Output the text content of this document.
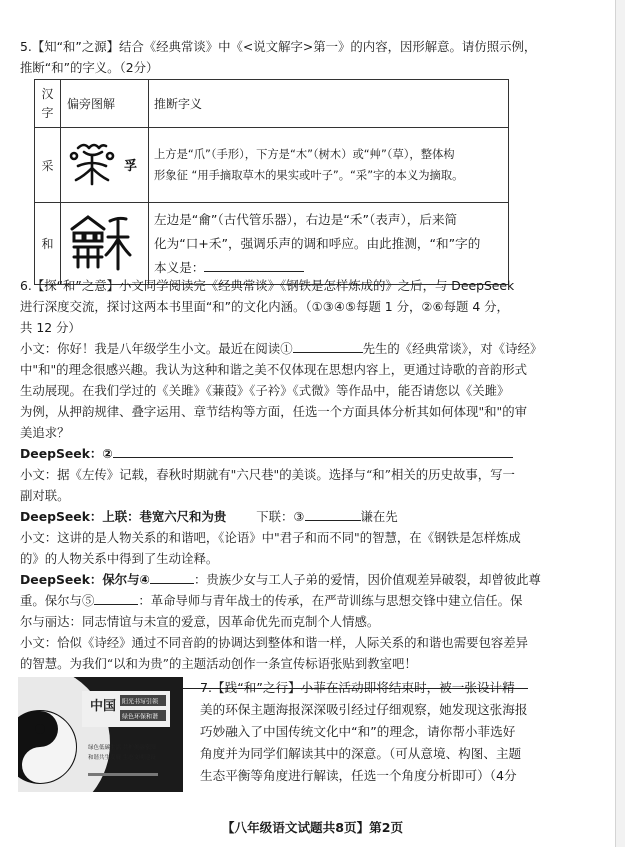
5.【知“和”之源】结合《经典常谈》中《<说文解字>第一》的内容，因形解意。请仿照示例，
推断“和”的字义。（2分）
汉字	偏旁图解	推断字义
采	孚	上方是“爪”（手形），下方是“木”（树木）或“艸”（草），整体构
形象征 “用手摘取草木的果实或叶子”。“采”字的本义为摘取。

和		左边是“龠”（古代管乐器），右边是“禾”（表声），后来简
化为“口+禾”，强调乐声的调和呼应。由此推测，“和”字的
本义是：
6.【探“和”之意】小文同学阅读完《经典常谈》《钢铁是怎样炼成的》之后，与 DeepSeek
进行深度交流，探讨这两本书里面“和”的文化内涵。（①③④⑤每题 1 分，②⑥每题 4 分，
共 12 分）
小文：你好！我是八年级学生小文。最近在阅读①	先生的《经典常谈》，对《诗经》
中"和"的理念很感兴趣。我认为这种和谐之美不仅体现在思想内容上，更通过诗歌的音韵形式
生动展现。在我们学过的《关雎》《蒹葭》《子衿》《式微》等作品中，能否请您以《关雎》
为例，从押韵规律、叠字运用、章节结构等方面，任选一个方面具体分析其如何体现"和"的审
美追求？
DeepSeek：②
小文：据《左传》记载，春秋时期就有"六尺巷"的美谈。选择与“和”相关的历史故事，写一
副对联。
DeepSeek：上联：巷宽六尺和为贵 下联：③	谦在先
小文：这讲的是人物关系的和谐吧，《论语》中"君子和而不同"的智慧，在《钢铁是怎样炼成
的》的人物关系中得到了生动诠释。
DeepSeek：保尔与④	：贵族少女与工人子弟的爱情，因价值观差异破裂，却曾彼此尊
重。保尔与⑤	：革命导师与青年战士的传承，在严苛训练与思想交锋中建立信任。保
尔与丽达：同志情谊与未宣的爱意，因革命优先而克制个人情感。
小文：恰似《诗经》通过不同音韵的协调达到整体和谐一样，人际关系的和谐也需要包容差异
的智慧。为我们“以和为贵”的主题活动创作一条宣传标语张贴到教室吧！
中国 阳光书写引领
绿色环保和谐
绿色低碳生活 共护美丽家园
和谐共生发展 生态文明建设
7.【践“和”之行】小菲在活动即将结束时，被一张设计精
美的环保主题海报深深吸引经过仔细观察，她发现这张海报
巧妙融入了中国传统文化中“和”的理念，请你帮小菲选好
角度并为同学们解读其中的深意。（可从意境、构图、主题
生态平衡等角度进行解读，任选一个角度分析即可）（4分
【八年级语文试题共8页】第2页
